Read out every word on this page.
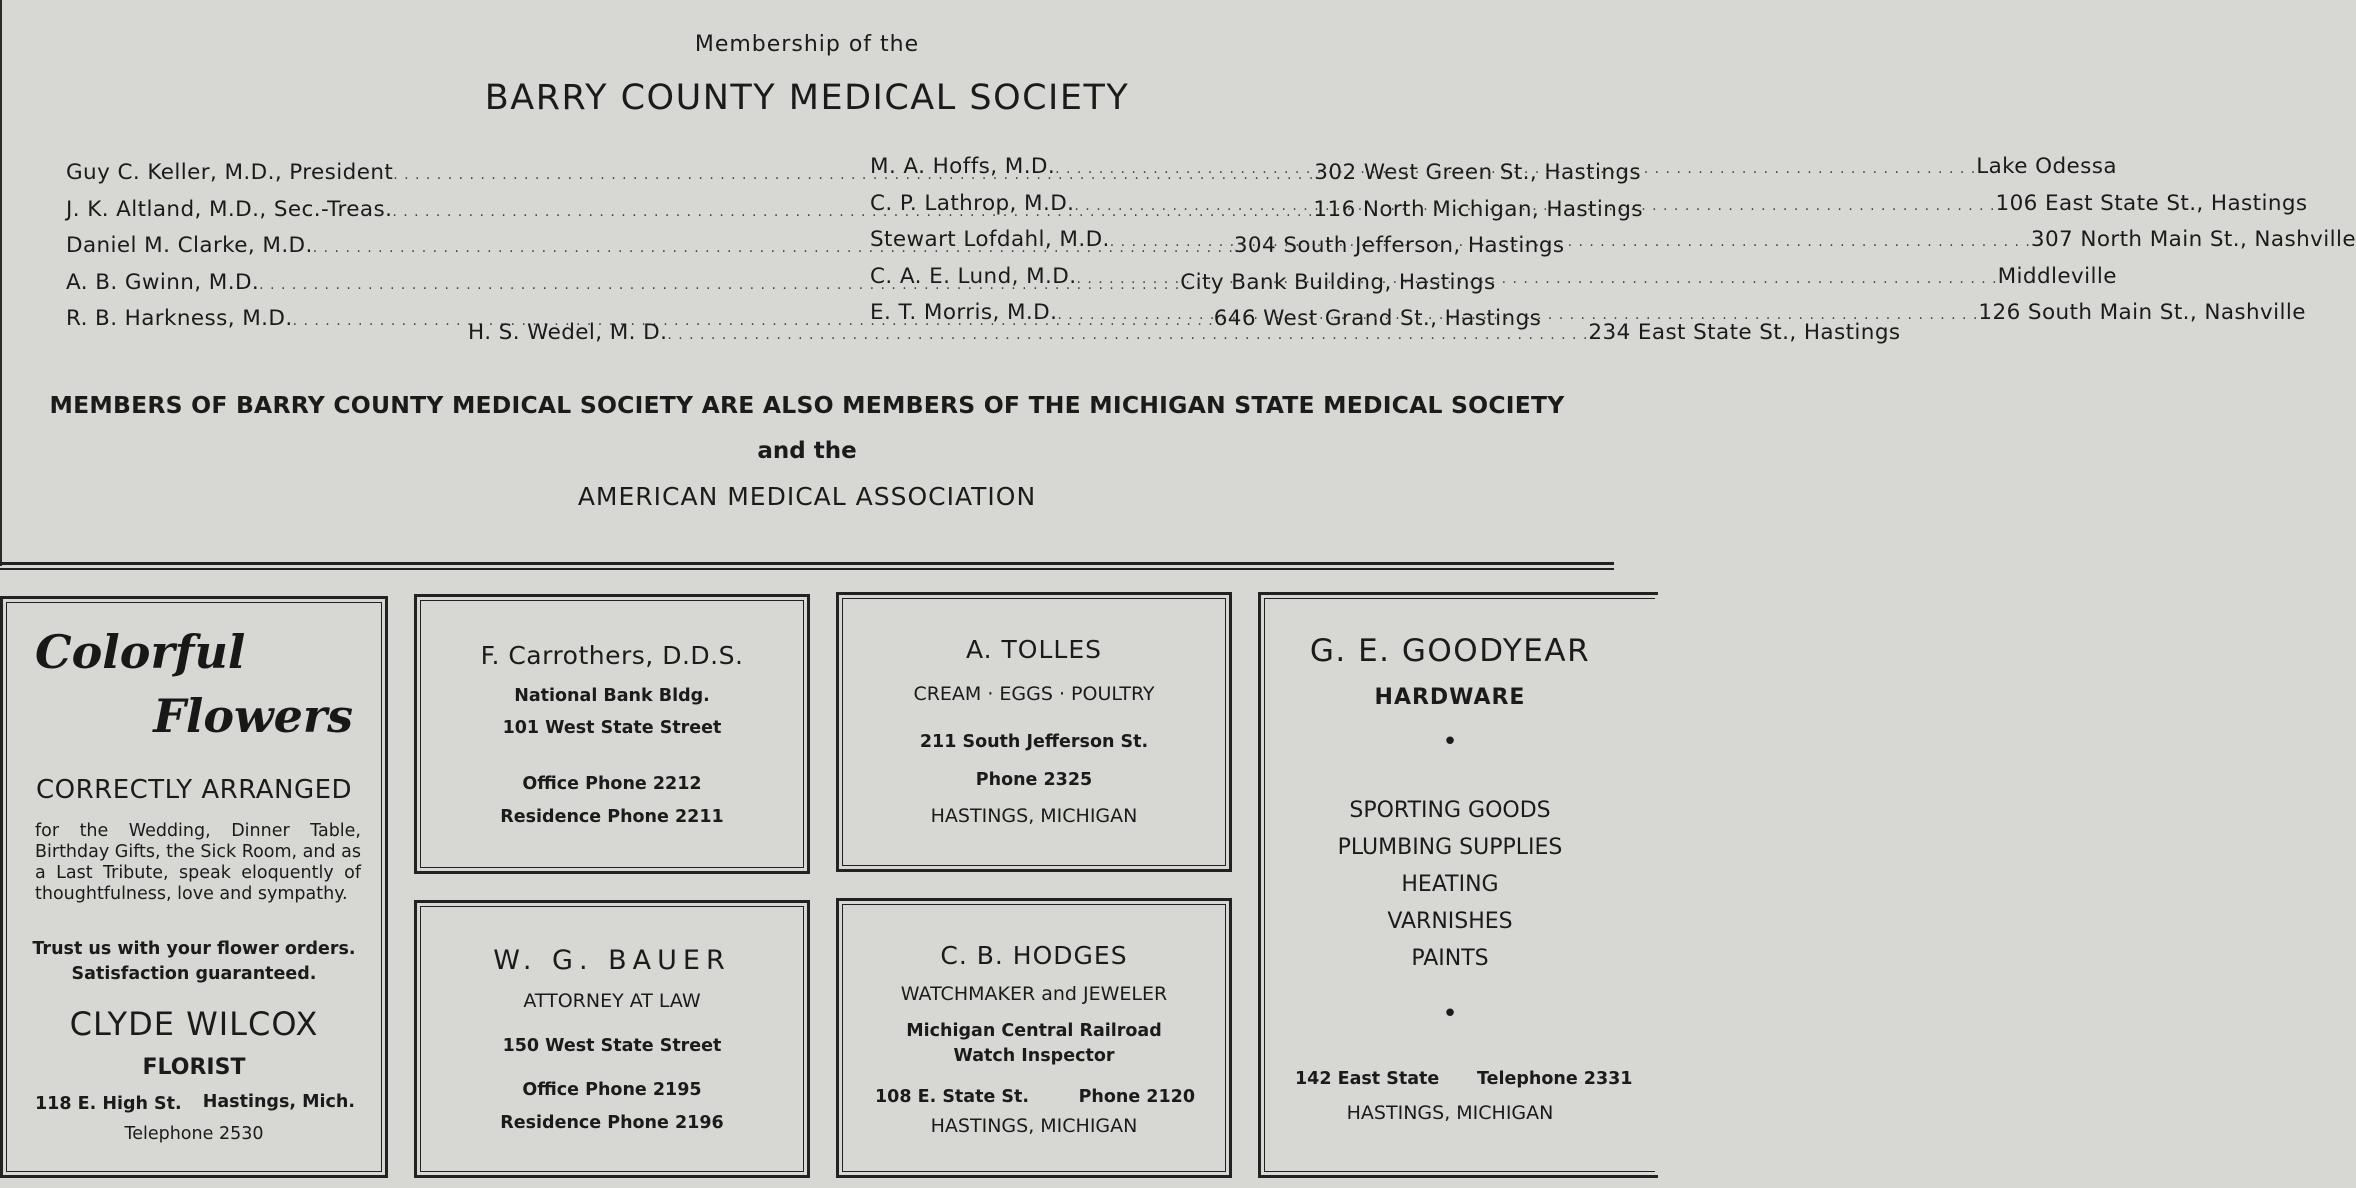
Membership of the
BARRY COUNTY MEDICAL SOCIETY
Guy C. Keller, M.D., President . . .	302 West Green St., Hastings
J. K. Altland, M.D., Sec.-Treas. . . .	116 North Michigan, Hastings
Daniel M. Clarke, M.D. . . .	304 South Jefferson, Hastings
A. B. Gwinn, M.D. . . .	City Bank Building, Hastings
R. B. Harkness, M.D. . . .	646 West Grand St., Hastings
M. A. Hoffs, M.D. . . .	Lake Odessa
C. P. Lathrop, M.D. . . .	106 East State St., Hastings
Stewart Lofdahl, M.D. . . .	307 North Main St., Nashville
C. A. E. Lund, M.D. . . .	Middleville
E. T. Morris, M.D. . . .	126 South Main St., Nashville
H. S. Wedel, M. D. . . .	234 East State St., Hastings
MEMBERS OF BARRY COUNTY MEDICAL SOCIETY ARE ALSO MEMBERS OF THE MICHIGAN STATE MEDICAL SOCIETY
and the
AMERICAN MEDICAL ASSOCIATION
Colorful
Flowers
CORRECTLY ARRANGED
for the Wedding, Dinner Table, Birthday Gifts, the Sick Room, and as a Last Tribute, speak eloquently of thoughtfulness, love and sympathy.
Trust us with your flower orders.
Satisfaction guaranteed.
CLYDE WILCOX
FLORIST
118 E. High St. Hastings, Mich.
Telephone 2530
F. Carrothers, D.D.S.
National Bank Bldg.
101 West State Street
Office Phone 2212
Residence Phone 2211
W. G. BAUER
ATTORNEY AT LAW
150 West State Street
Office Phone 2195
Residence Phone 2196
A. TOLLES
CREAM · EGGS · POULTRY
211 South Jefferson St.
Phone 2325
HASTINGS, MICHIGAN
C. B. HODGES
WATCHMAKER and JEWELER
Michigan Central Railroad
Watch Inspector
108 E. State St.	Phone 2120
HASTINGS, MICHIGAN
G. E. GOODYEAR
HARDWARE
•
SPORTING GOODS
PLUMBING SUPPLIES
HEATING
VARNISHES
PAINTS
•
142 East State Telephone 2331
HASTINGS, MICHIGAN
